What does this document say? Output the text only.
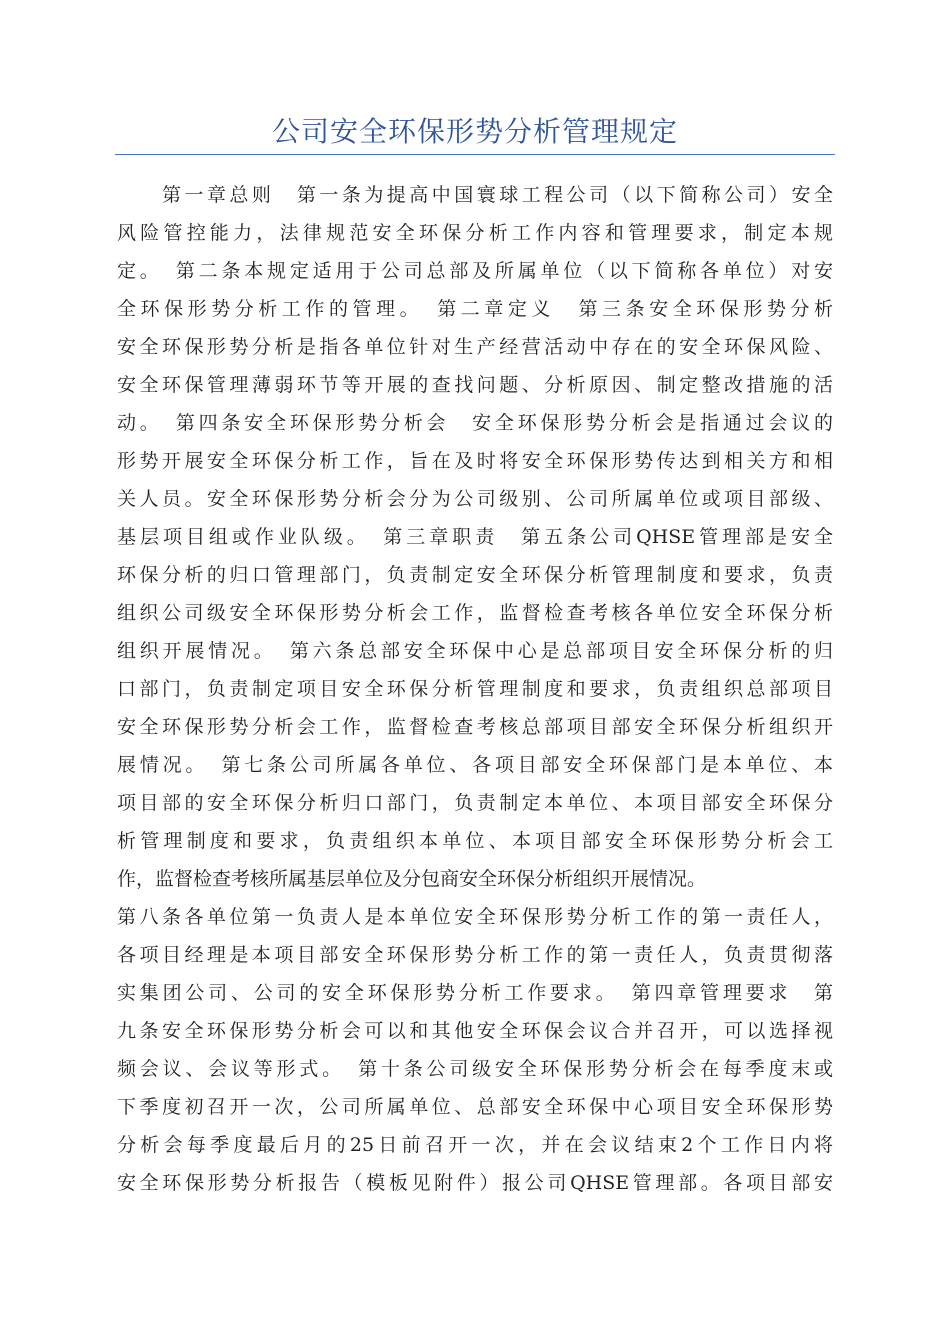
公司安全环保形势分析管理规定
　　第一章总则　第一条为提高中国寰球工程公司（以下简称公司）安全
风险管控能力，法律规范安全环保分析工作内容和管理要求，制定本规
定。　第二条本规定适用于公司总部及所属单位（以下简称各单位）对安
全环保形势分析工作的管理。　第二章定义　第三条安全环保形势分析
安全环保形势分析是指各单位针对生产经营活动中存在的安全环保风险、
安全环保管理薄弱环节等开展的查找问题、分析原因、制定整改措施的活
动。　第四条安全环保形势分析会　安全环保形势分析会是指通过会议的
形势开展安全环保分析工作，旨在及时将安全环保形势传达到相关方和相
关人员。安全环保形势分析会分为公司级别、公司所属单位或项目部级、
基层项目组或作业队级。　第三章职责　第五条公司QHSE管理部是安全
环保分析的归口管理部门，负责制定安全环保分析管理制度和要求，负责
组织公司级安全环保形势分析会工作，监督检查考核各单位安全环保分析
组织开展情况。　第六条总部安全环保中心是总部项目安全环保分析的归
口部门，负责制定项目安全环保分析管理制度和要求，负责组织总部项目
安全环保形势分析会工作，监督检查考核总部项目部安全环保分析组织开
展情况。　第七条公司所属各单位、各项目部安全环保部门是本单位、本
项目部的安全环保分析归口部门，负责制定本单位、本项目部安全环保分
析管理制度和要求，负责组织本单位、本项目部安全环保形势分析会工
作，监督检查考核所属基层单位及分包商安全环保分析组织开展情况。
第八条各单位第一负责人是本单位安全环保形势分析工作的第一责任人，
各项目经理是本项目部安全环保形势分析工作的第一责任人，负责贯彻落
实集团公司、公司的安全环保形势分析工作要求。　第四章管理要求　第
九条安全环保形势分析会可以和其他安全环保会议合并召开，可以选择视
频会议、会议等形式。　第十条公司级安全环保形势分析会在每季度末或
下季度初召开一次，公司所属单位、总部安全环保中心项目安全环保形势
分析会每季度最后月的25日前召开一次，并在会议结束2个工作日内将
安全环保形势分析报告（模板见附件）报公司QHSE管理部。各项目部安
